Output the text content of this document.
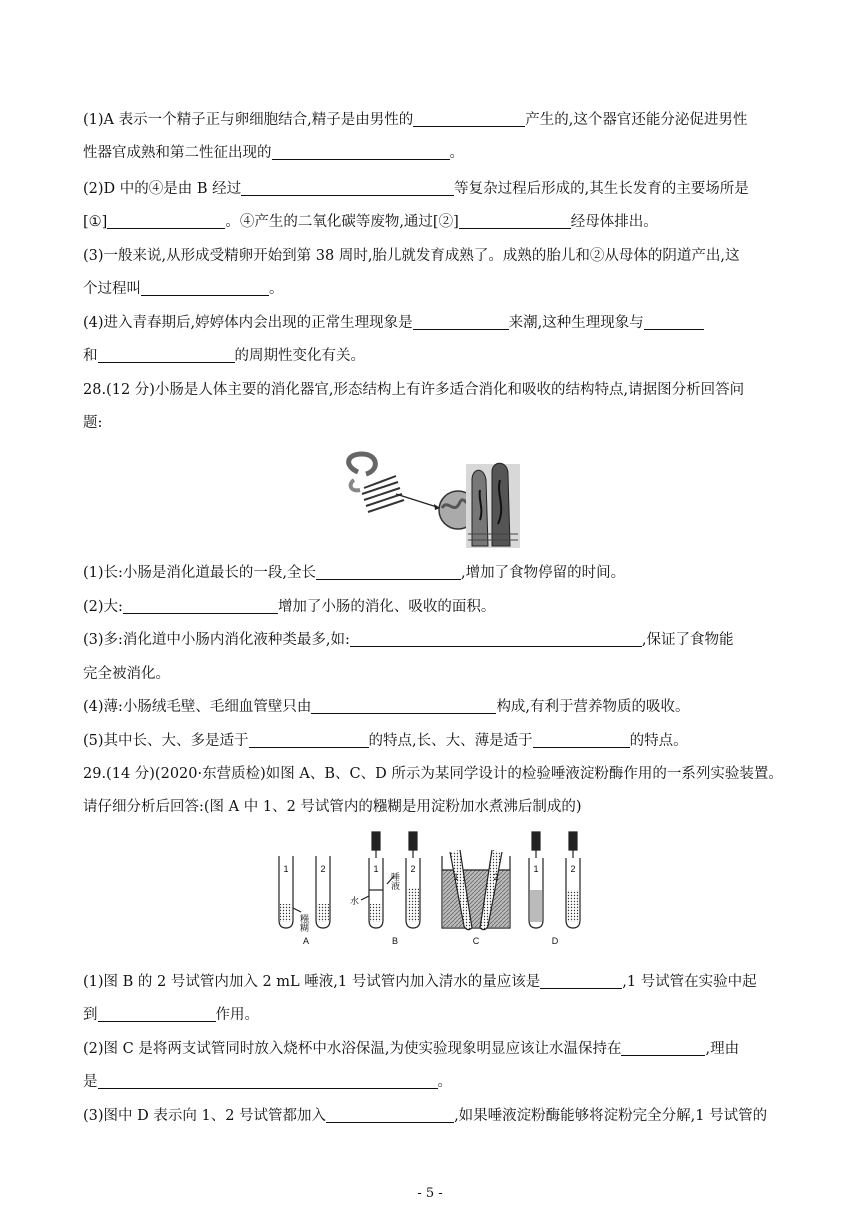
(1)A 表示一个精子正与卵细胞结合,精子是由男性的	产生的,这个器官还能分泌促进男性
性器官成熟和第二性征出现的	。
(2)D 中的④是由 B 经过	等复杂过程后形成的,其生长发育的主要场所是
[①]	。④产生的二氧化碳等废物,通过[②]	经母体排出。
(3)一般来说,从形成受精卵开始到第 38 周时,胎儿就发育成熟了。成熟的胎儿和②从母体的阴道产出,这
个过程叫	。
(4)进入青春期后,婷婷体内会出现的正常生理现象是	来潮,这种生理现象与
和	的周期性变化有关。
28.(12 分)小肠是人体主要的消化器官,形态结构上有许多适合消化和吸收的结构特点,请据图分析回答问
题:
(1)长:小肠是消化道最长的一段,全长	,增加了食物停留的时间。
(2)大:	增加了小肠的消化、吸收的面积。
(3)多:消化道中小肠内消化液种类最多,如:	,保证了食物能
完全被消化。
(4)薄:小肠绒毛壁、毛细血管壁只由	构成,有利于营养物质的吸收。
(5)其中长、大、多是适于	的特点,长、大、薄是适于	的特点。
29.(14 分)(2020·东营质检)如图 A、B、C、D 所示为某同学设计的检验唾液淀粉酶作用的一系列实验装置。
请仔细分析后回答:(图 A 中 1、2 号试管内的糨糊是用淀粉加水煮沸后制成的)
1	2	1	2
1	2
1	2
A	B	C	D
糨糊
水
唾液
(1)图 B 的 2 号试管内加入 2 mL 唾液,1 号试管内加入清水的量应该是	,1 号试管在实验中起
到	作用。
(2)图 C 是将两支试管同时放入烧杯中水浴保温,为使实验现象明显应该让水温保持在	,理由
是	。
(3)图中 D 表示向 1、2 号试管都加入	,如果唾液淀粉酶能够将淀粉完全分解,1 号试管的
- 5 -
